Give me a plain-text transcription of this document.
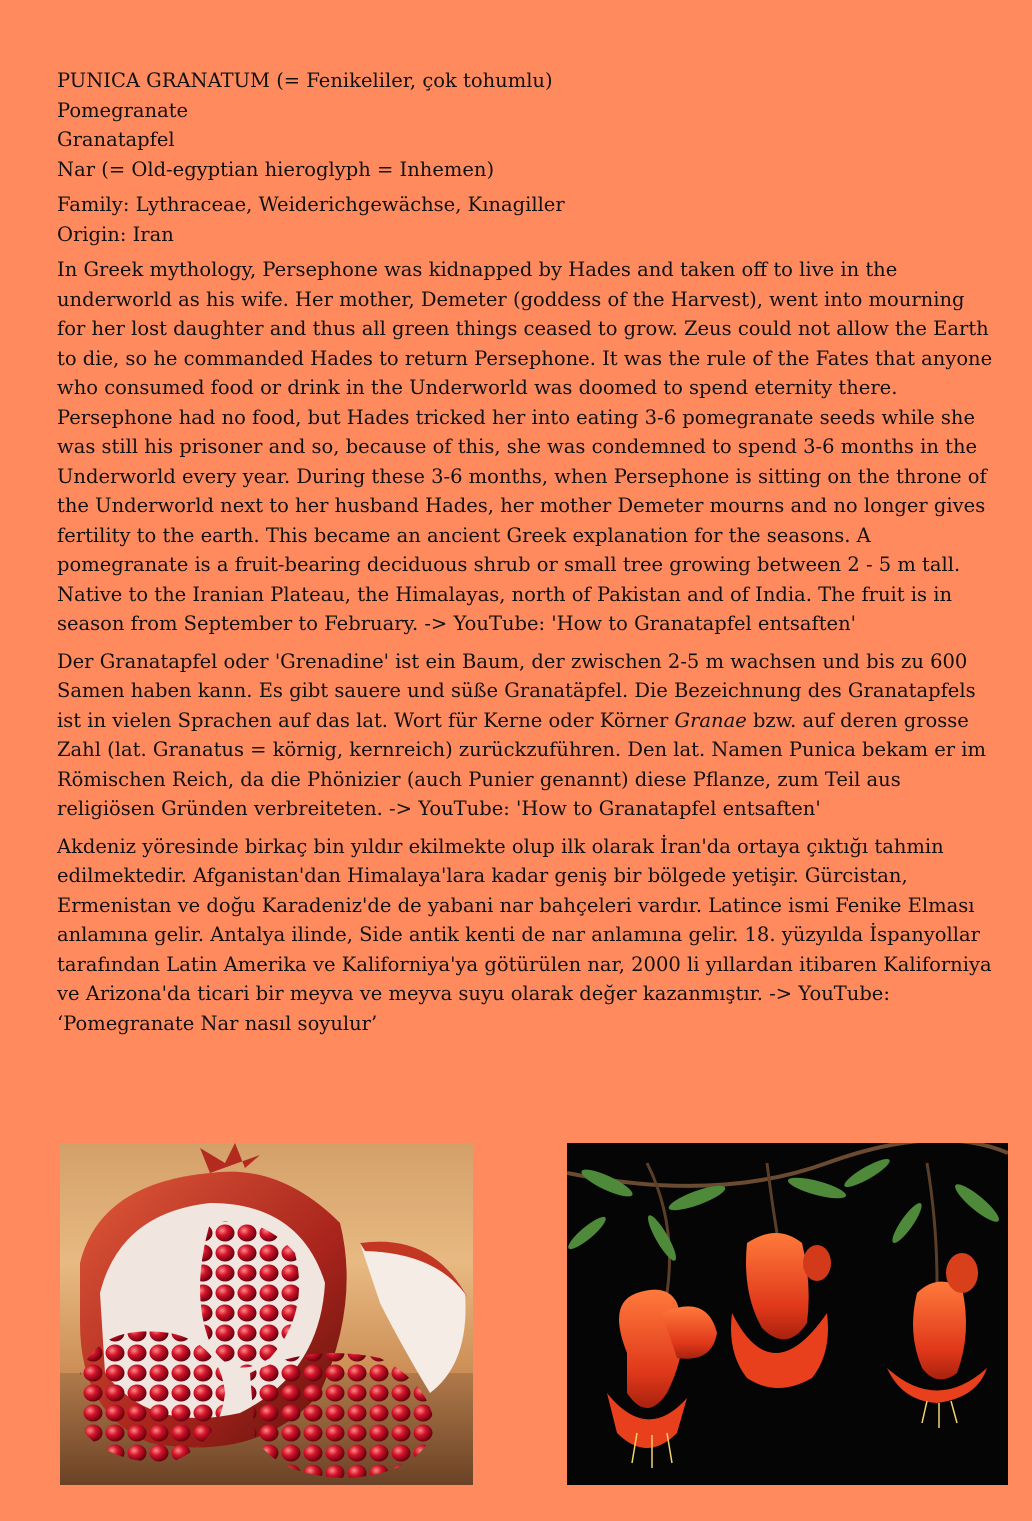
PUNICA GRANATUM (= Fenikeliler, çok tohumlu)
Pomegranate
Granatapfel
Nar (= Old-egyptian hieroglyph = Inhemen)
Family: Lythraceae, Weiderichgewächse, Kınagiller
Origin: Iran

In Greek mythology, Persephone was kidnapped by Hades and taken off to live in the underworld as his wife. Her mother, Demeter (goddess of the Harvest), went into mourning for her lost daughter and thus all green things ceased to grow. Zeus could not allow the Earth to die, so he commanded Hades to return Persephone. It was the rule of the Fates that anyone who consumed food or drink in the Underworld was doomed to spend eternity there. Persephone had no food, but Hades tricked her into eating 3-6 pomegranate seeds while she was still his prisoner and so, because of this, she was condemned to spend 3-6 months in the Underworld every year. During these 3-6 months, when Persephone is sitting on the throne of the Underworld next to her husband Hades, her mother Demeter mourns and no longer gives fertility to the earth. This became an ancient Greek explanation for the seasons. A pomegranate is a fruit-bearing deciduous shrub or small tree growing between 2 - 5 m tall. Native to the Iranian Plateau, the Himalayas, north of Pakistan and of India. The fruit is in season from September to February. -> YouTube: 'How to Granatapfel entsaften'

Der Granatapfel oder 'Grenadine' ist ein Baum, der zwischen 2-5 m wachsen und bis zu 600 Samen haben kann. Es gibt sauere und süße Granatäpfel. Die Bezeichnung des Granatapfels ist in vielen Sprachen auf das lat. Wort für Kerne oder Körner Granae bzw. auf deren grosse Zahl (lat. Granatus = körnig, kernreich) zurückzuführen. Den lat. Namen Punica bekam er im Römischen Reich, da die Phönizier (auch Punier genannt) diese Pflanze, zum Teil aus religiösen Gründen verbreiteten. -> YouTube: 'How to Granatapfel entsaften'

Akdeniz yöresinde birkaç bin yıldır ekilmekte olup ilk olarak İran'da ortaya çıktığı tahmin edilmektedir. Afganistan'dan Himalaya'lara kadar geniş bir bölgede yetişir. Gürcistan, Ermenistan ve doğu Karadeniz'de de yabani nar bahçeleri vardır. Latince ismi Fenike Elması anlamına gelir. Antalya ilinde, Side antik kenti de nar anlamına gelir. 18. yüzyılda İspanyollar tarafından Latin Amerika ve Kaliforniya'ya götürülen nar, 2000 li yıllardan itibaren Kaliforniya ve Arizona'da ticari bir meyva ve meyva suyu olarak değer kazanmıştır. -> YouTube: ‘Pomegranate Nar nasıl soyulur’
